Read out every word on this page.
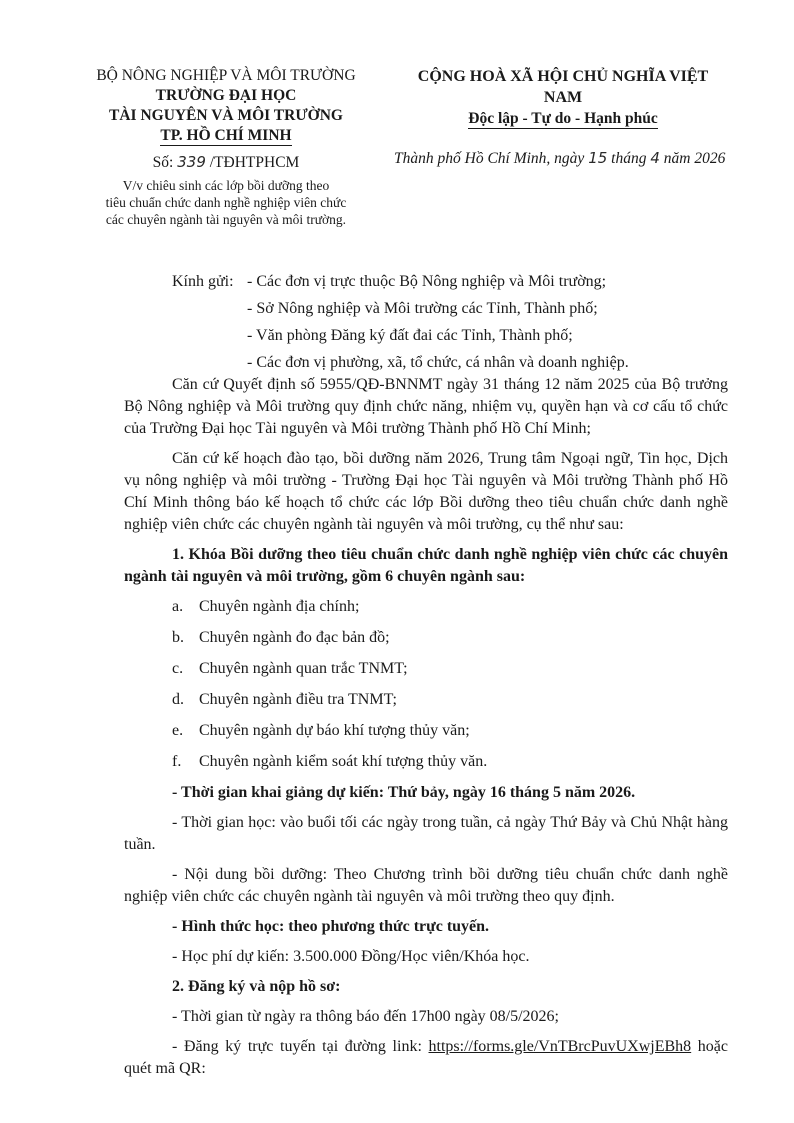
BỘ NÔNG NGHIỆP VÀ MÔI TRƯỜNG
TRƯỜNG ĐẠI HỌC
TÀI NGUYÊN VÀ MÔI TRƯỜNG
TP. HỒ CHÍ MINH
Số: 339 /TĐHTPHCM
V/v chiêu sinh các lớp bồi dưỡng theo
tiêu chuẩn chức danh nghề nghiệp viên chức
các chuyên ngành tài nguyên và môi trường.
CỘNG HOÀ XÃ HỘI CHỦ NGHĨA VIỆT NAM
Độc lập - Tự do - Hạnh phúc
Thành phố Hồ Chí Minh, ngày 15 tháng 4 năm 2026
Kính gửi: - Các đơn vị trực thuộc Bộ Nông nghiệp và Môi trường;
- Sở Nông nghiệp và Môi trường các Tỉnh, Thành phố;
- Văn phòng Đăng ký đất đai các Tỉnh, Thành phố;
- Các đơn vị phường, xã, tổ chức, cá nhân và doanh nghiệp.

Căn cứ Quyết định số 5955/QĐ-BNNMT ngày 31 tháng 12 năm 2025 của Bộ trưởng Bộ Nông nghiệp và Môi trường quy định chức năng, nhiệm vụ, quyền hạn và cơ cấu tổ chức của Trường Đại học Tài nguyên và Môi trường Thành phố Hồ Chí Minh;

Căn cứ kế hoạch đào tạo, bồi dưỡng năm 2026, Trung tâm Ngoại ngữ, Tin học, Dịch vụ nông nghiệp và môi trường - Trường Đại học Tài nguyên và Môi trường Thành phố Hồ Chí Minh thông báo kế hoạch tổ chức các lớp Bồi dưỡng theo tiêu chuẩn chức danh nghề nghiệp viên chức các chuyên ngành tài nguyên và môi trường, cụ thể như sau:

1. Khóa Bồi dưỡng theo tiêu chuẩn chức danh nghề nghiệp viên chức các chuyên ngành tài nguyên và môi trường, gồm 6 chuyên ngành sau:

a. Chuyên ngành địa chính;
b. Chuyên ngành đo đạc bản đồ;
c. Chuyên ngành quan trắc TNMT;
d. Chuyên ngành điều tra TNMT;
e. Chuyên ngành dự báo khí tượng thủy văn;
f.	Chuyên ngành kiểm soát khí tượng thủy văn.

- Thời gian khai giảng dự kiến: Thứ bảy, ngày 16 tháng 5 năm 2026.

- Thời gian học: vào buổi tối các ngày trong tuần, cả ngày Thứ Bảy và Chủ Nhật hàng tuần.

- Nội dung bồi dưỡng: Theo Chương trình bồi dưỡng tiêu chuẩn chức danh nghề nghiệp viên chức các chuyên ngành tài nguyên và môi trường theo quy định.

- Hình thức học: theo phương thức trực tuyến.

- Học phí dự kiến: 3.500.000 Đồng/Học viên/Khóa học.

2. Đăng ký và nộp hồ sơ:

- Thời gian từ ngày ra thông báo đến 17h00 ngày 08/5/2026;

- Đăng ký trực tuyến tại đường link: https://forms.gle/VnTBrcPuvUXwjEBh8 hoặc quét mã QR:
